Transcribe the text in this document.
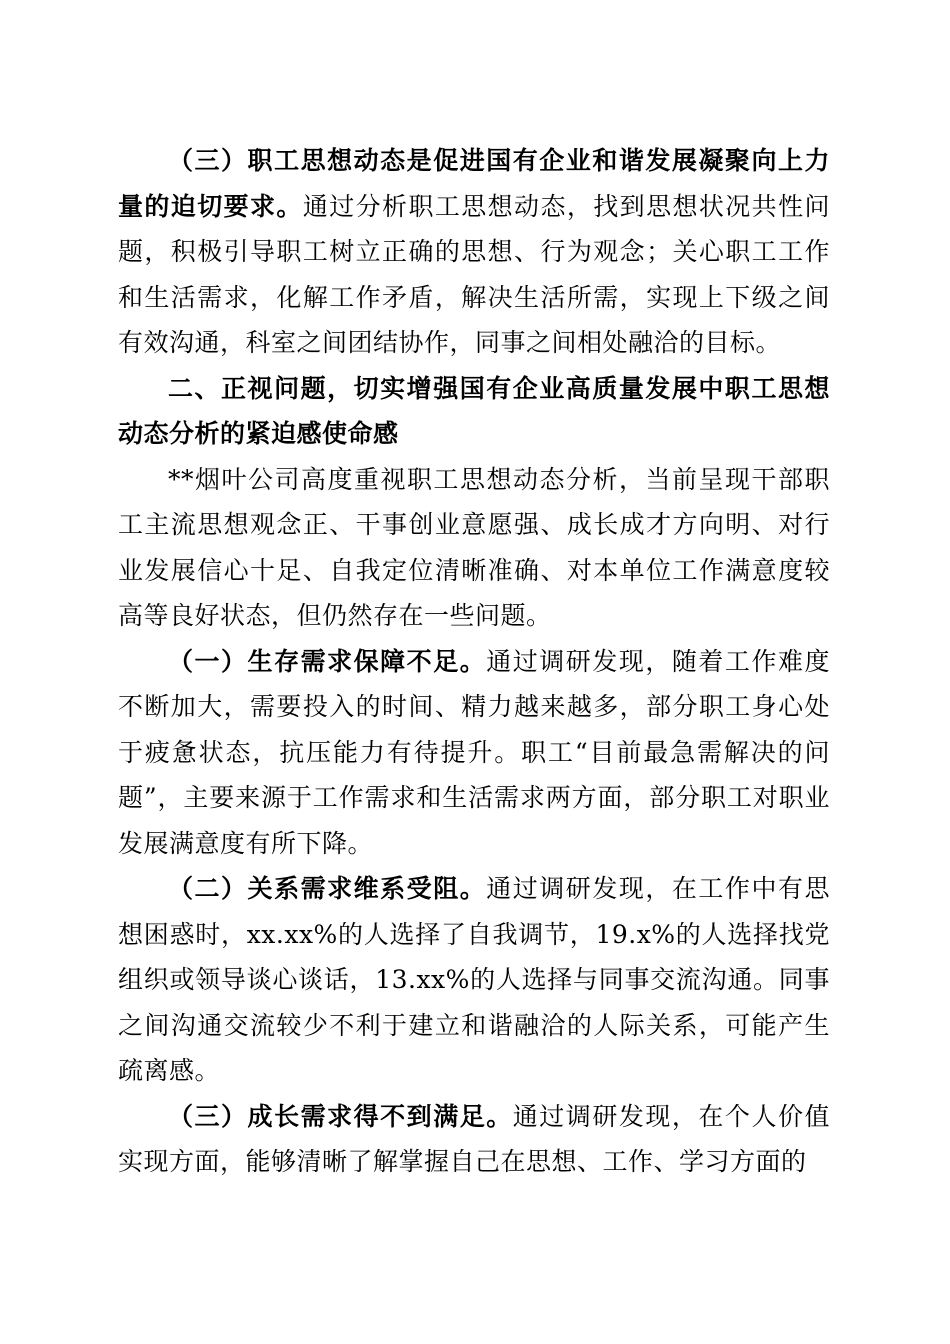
（三）职工思想动态是促进国有企业和谐发展凝聚向上力量的迫切要求。通过分析职工思想动态，找到思想状况共性问题，积极引导职工树立正确的思想、行为观念；关心职工工作和生活需求，化解工作矛盾，解决生活所需，实现上下级之间有效沟通，科室之间团结协作，同事之间相处融洽的目标。

二、正视问题，切实增强国有企业高质量发展中职工思想动态分析的紧迫感使命感

**烟叶公司高度重视职工思想动态分析，当前呈现干部职工主流思想观念正、干事创业意愿强、成长成才方向明、对行业发展信心十足、自我定位清晰准确、对本单位工作满意度较高等良好状态，但仍然存在一些问题。

（一）生存需求保障不足。通过调研发现，随着工作难度不断加大，需要投入的时间、精力越来越多，部分职工身心处于疲惫状态，抗压能力有待提升。职工“目前最急需解决的问题”，主要来源于工作需求和生活需求两方面，部分职工对职业发展满意度有所下降。

（二）关系需求维系受阻。通过调研发现，在工作中有思想困惑时，xx.xx%的人选择了自我调节，19.x%的人选择找党组织或领导谈心谈话，13.xx%的人选择与同事交流沟通。同事之间沟通交流较少不利于建立和谐融洽的人际关系，可能产生疏离感。

（三）成长需求得不到满足。通过调研发现，在个人价值实现方面，能够清晰了解掌握自己在思想、工作、学习方面的
